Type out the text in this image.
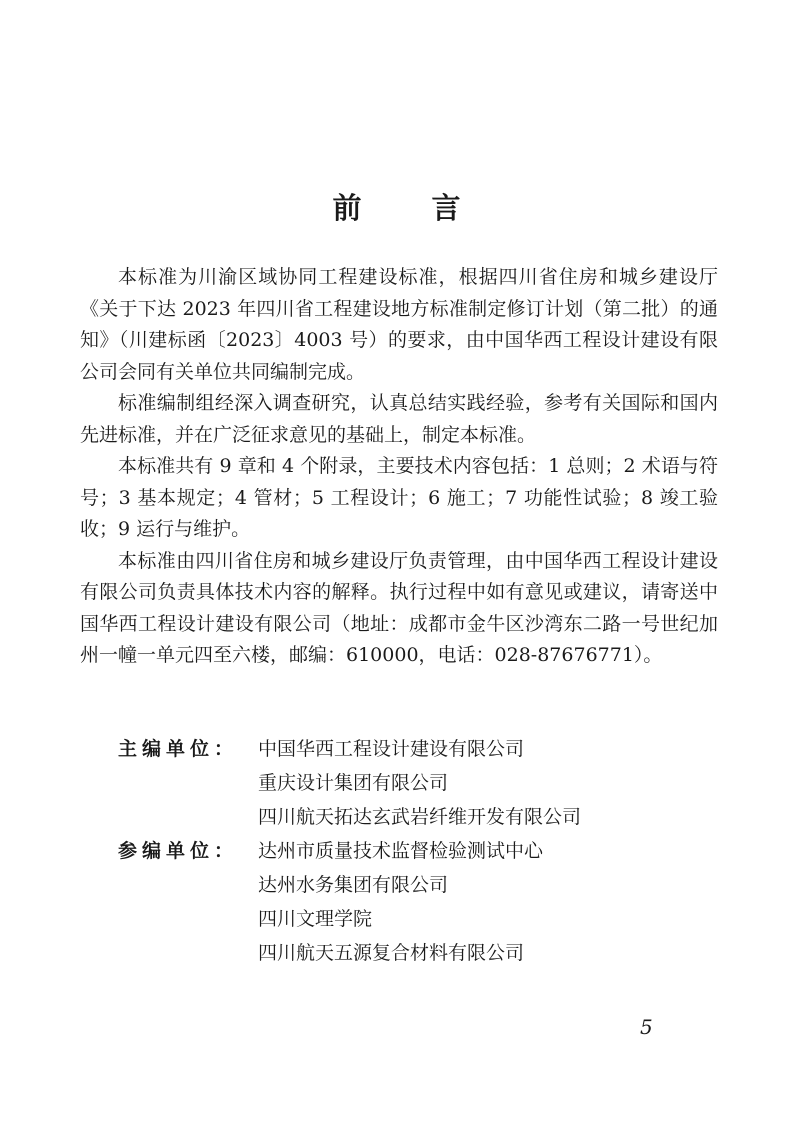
前 言

本标准为川渝区域协同工程建设标准，根据四川省住房和城乡建设厅《关于下达 2023 年四川省工程建设地方标准制定修订计划（第二批）的通知》（川建标函〔2023〕4003 号）的要求，由中国华西工程设计建设有限公司会同有关单位共同编制完成。

标准编制组经深入调查研究，认真总结实践经验，参考有关国际和国内先进标准，并在广泛征求意见的基础上，制定本标准。

本标准共有 9 章和 4 个附录，主要技术内容包括：1 总则；2 术语与符号；3 基本规定；4 管材；5 工程设计；6 施工；7 功能性试验；8 竣工验收；9 运行与维护。

本标准由四川省住房和城乡建设厅负责管理，由中国华西工程设计建设有限公司负责具体技术内容的解释。执行过程中如有意见或建议，请寄送中国华西工程设计建设有限公司（地址：成都市金牛区沙湾东二路一号世纪加州一幢一单元四至六楼，邮编：610000，电话：028-87676771）。

主编单位：	中国华西工程设计建设有限公司
重庆设计集团有限公司
四川航天拓达玄武岩纤维开发有限公司
参编单位：	达州市质量技术监督检验测试中心
达州水务集团有限公司
四川文理学院
四川航天五源复合材料有限公司
5
